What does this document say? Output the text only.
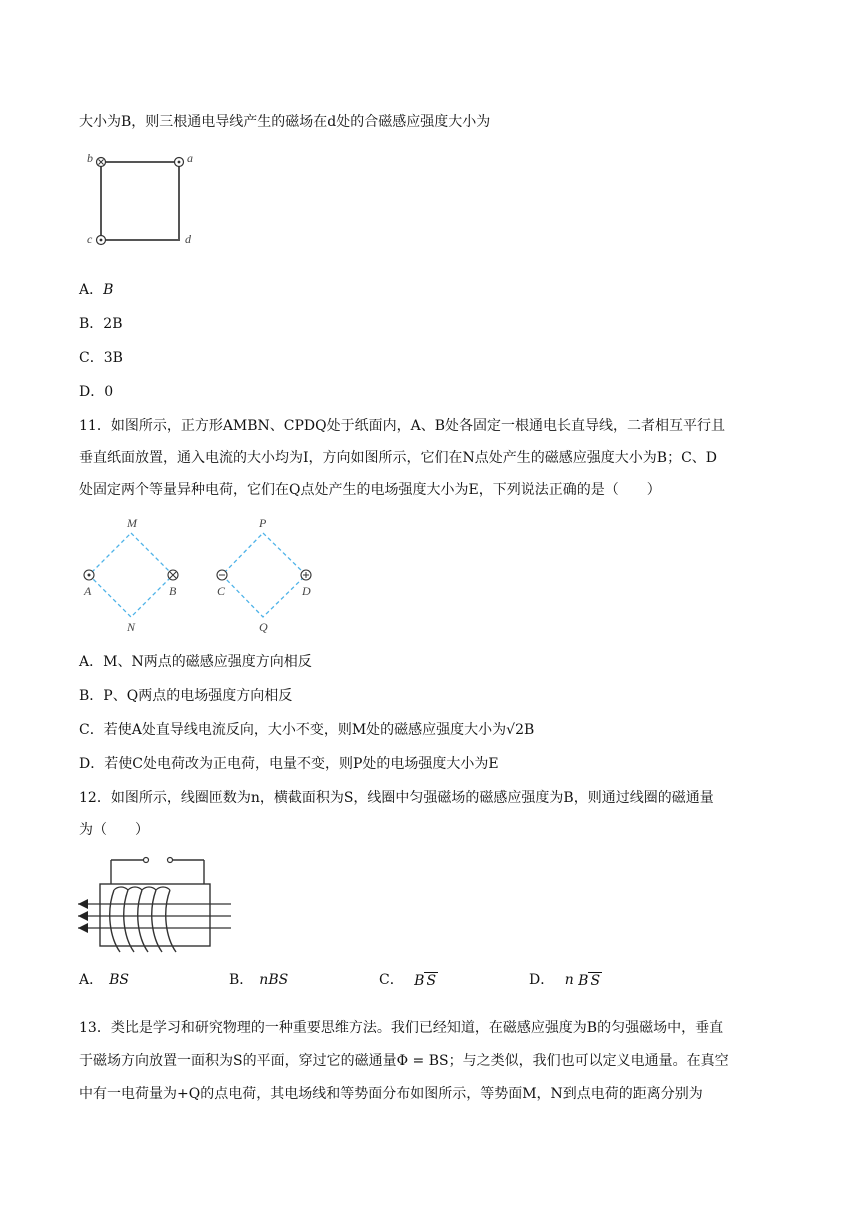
大小为B，则三根通电导线产生的磁场在d处的合磁感应强度大小为
b	a
c	d
A．B
B．2B
C．3B
D．0
11．如图所示，正方形AMBN、CPDQ处于纸面内，A、B处各固定一根通电长直导线，二者相互平行且
垂直纸面放置，通入电流的大小均为I，方向如图所示，它们在N点处产生的磁感应强度大小为B；C、D
处固定两个等量异种电荷，它们在Q点处产生的电场强度大小为E，下列说法正确的是（　　）
M
A	B
N
P
C	D
Q
A．M、N两点的磁感应强度方向相反
B．P、Q两点的电场强度方向相反
C．若使A处直导线电流反向，大小不变，则M处的磁感应强度大小为√2B
D．若使C处电荷改为正电荷，电量不变，则P处的电场强度大小为E
12．如图所示，线圈匝数为n，横截面积为S，线圈中匀强磁场的磁感应强度为B，则通过线圈的磁通量
为（　　）
A． BS	B． nBS	C． B S	D． n B S
13．类比是学习和研究物理的一种重要思维方法。我们已经知道，在磁感应强度为B的匀强磁场中，垂直
于磁场方向放置一面积为S的平面，穿过它的磁通量Φ = BS；与之类似，我们也可以定义电通量。在真空
中有一电荷量为+Q的点电荷，其电场线和等势面分布如图所示，等势面M，N到点电荷的距离分别为
